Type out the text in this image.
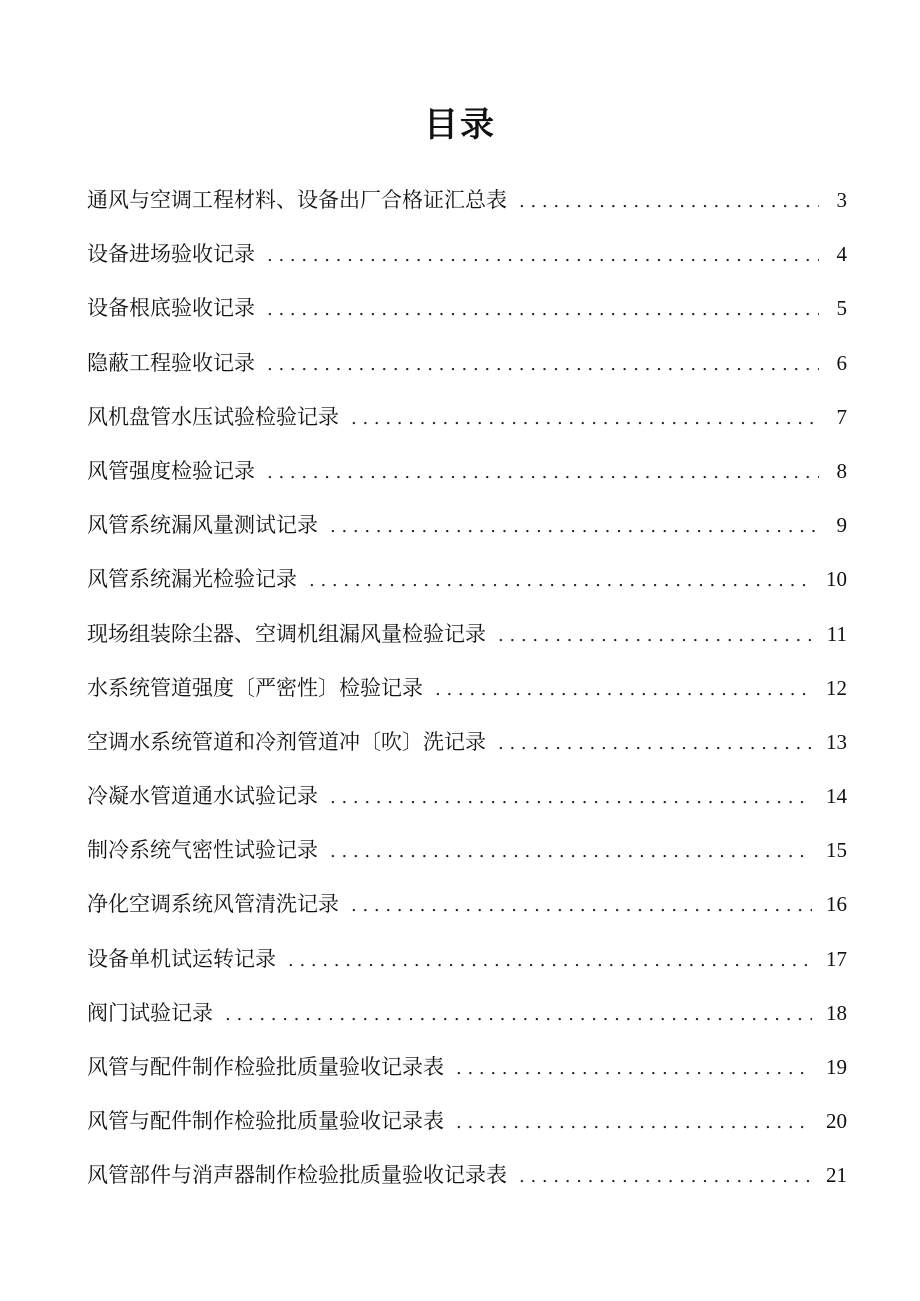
目录
通风与空调工程材料、设备出厂合格证汇总表 . . .	3
设备进场验收记录 . . .	4
设备根底验收记录 . . .	5
隐蔽工程验收记录 . . .	6
风机盘管水压试验检验记录 . . .	7
风管强度检验记录 . . .	8
风管系统漏风量测试记录 . . .	9
风管系统漏光检验记录 . . .	10
现场组装除尘器、空调机组漏风量检验记录 . . .	11
水系统管道强度〔严密性〕检验记录 . . .	12
空调水系统管道和冷剂管道冲〔吹〕洗记录 . . .	13
冷凝水管道通水试验记录 . . .	14
制冷系统气密性试验记录 . . .	15
净化空调系统风管清洗记录 . . .	16
设备单机试运转记录 . . .	17
阀门试验记录 . . .	18
风管与配件制作检验批质量验收记录表 . . .	19
风管与配件制作检验批质量验收记录表 . . .	20
风管部件与消声器制作检验批质量验收记录表 . . .	21
